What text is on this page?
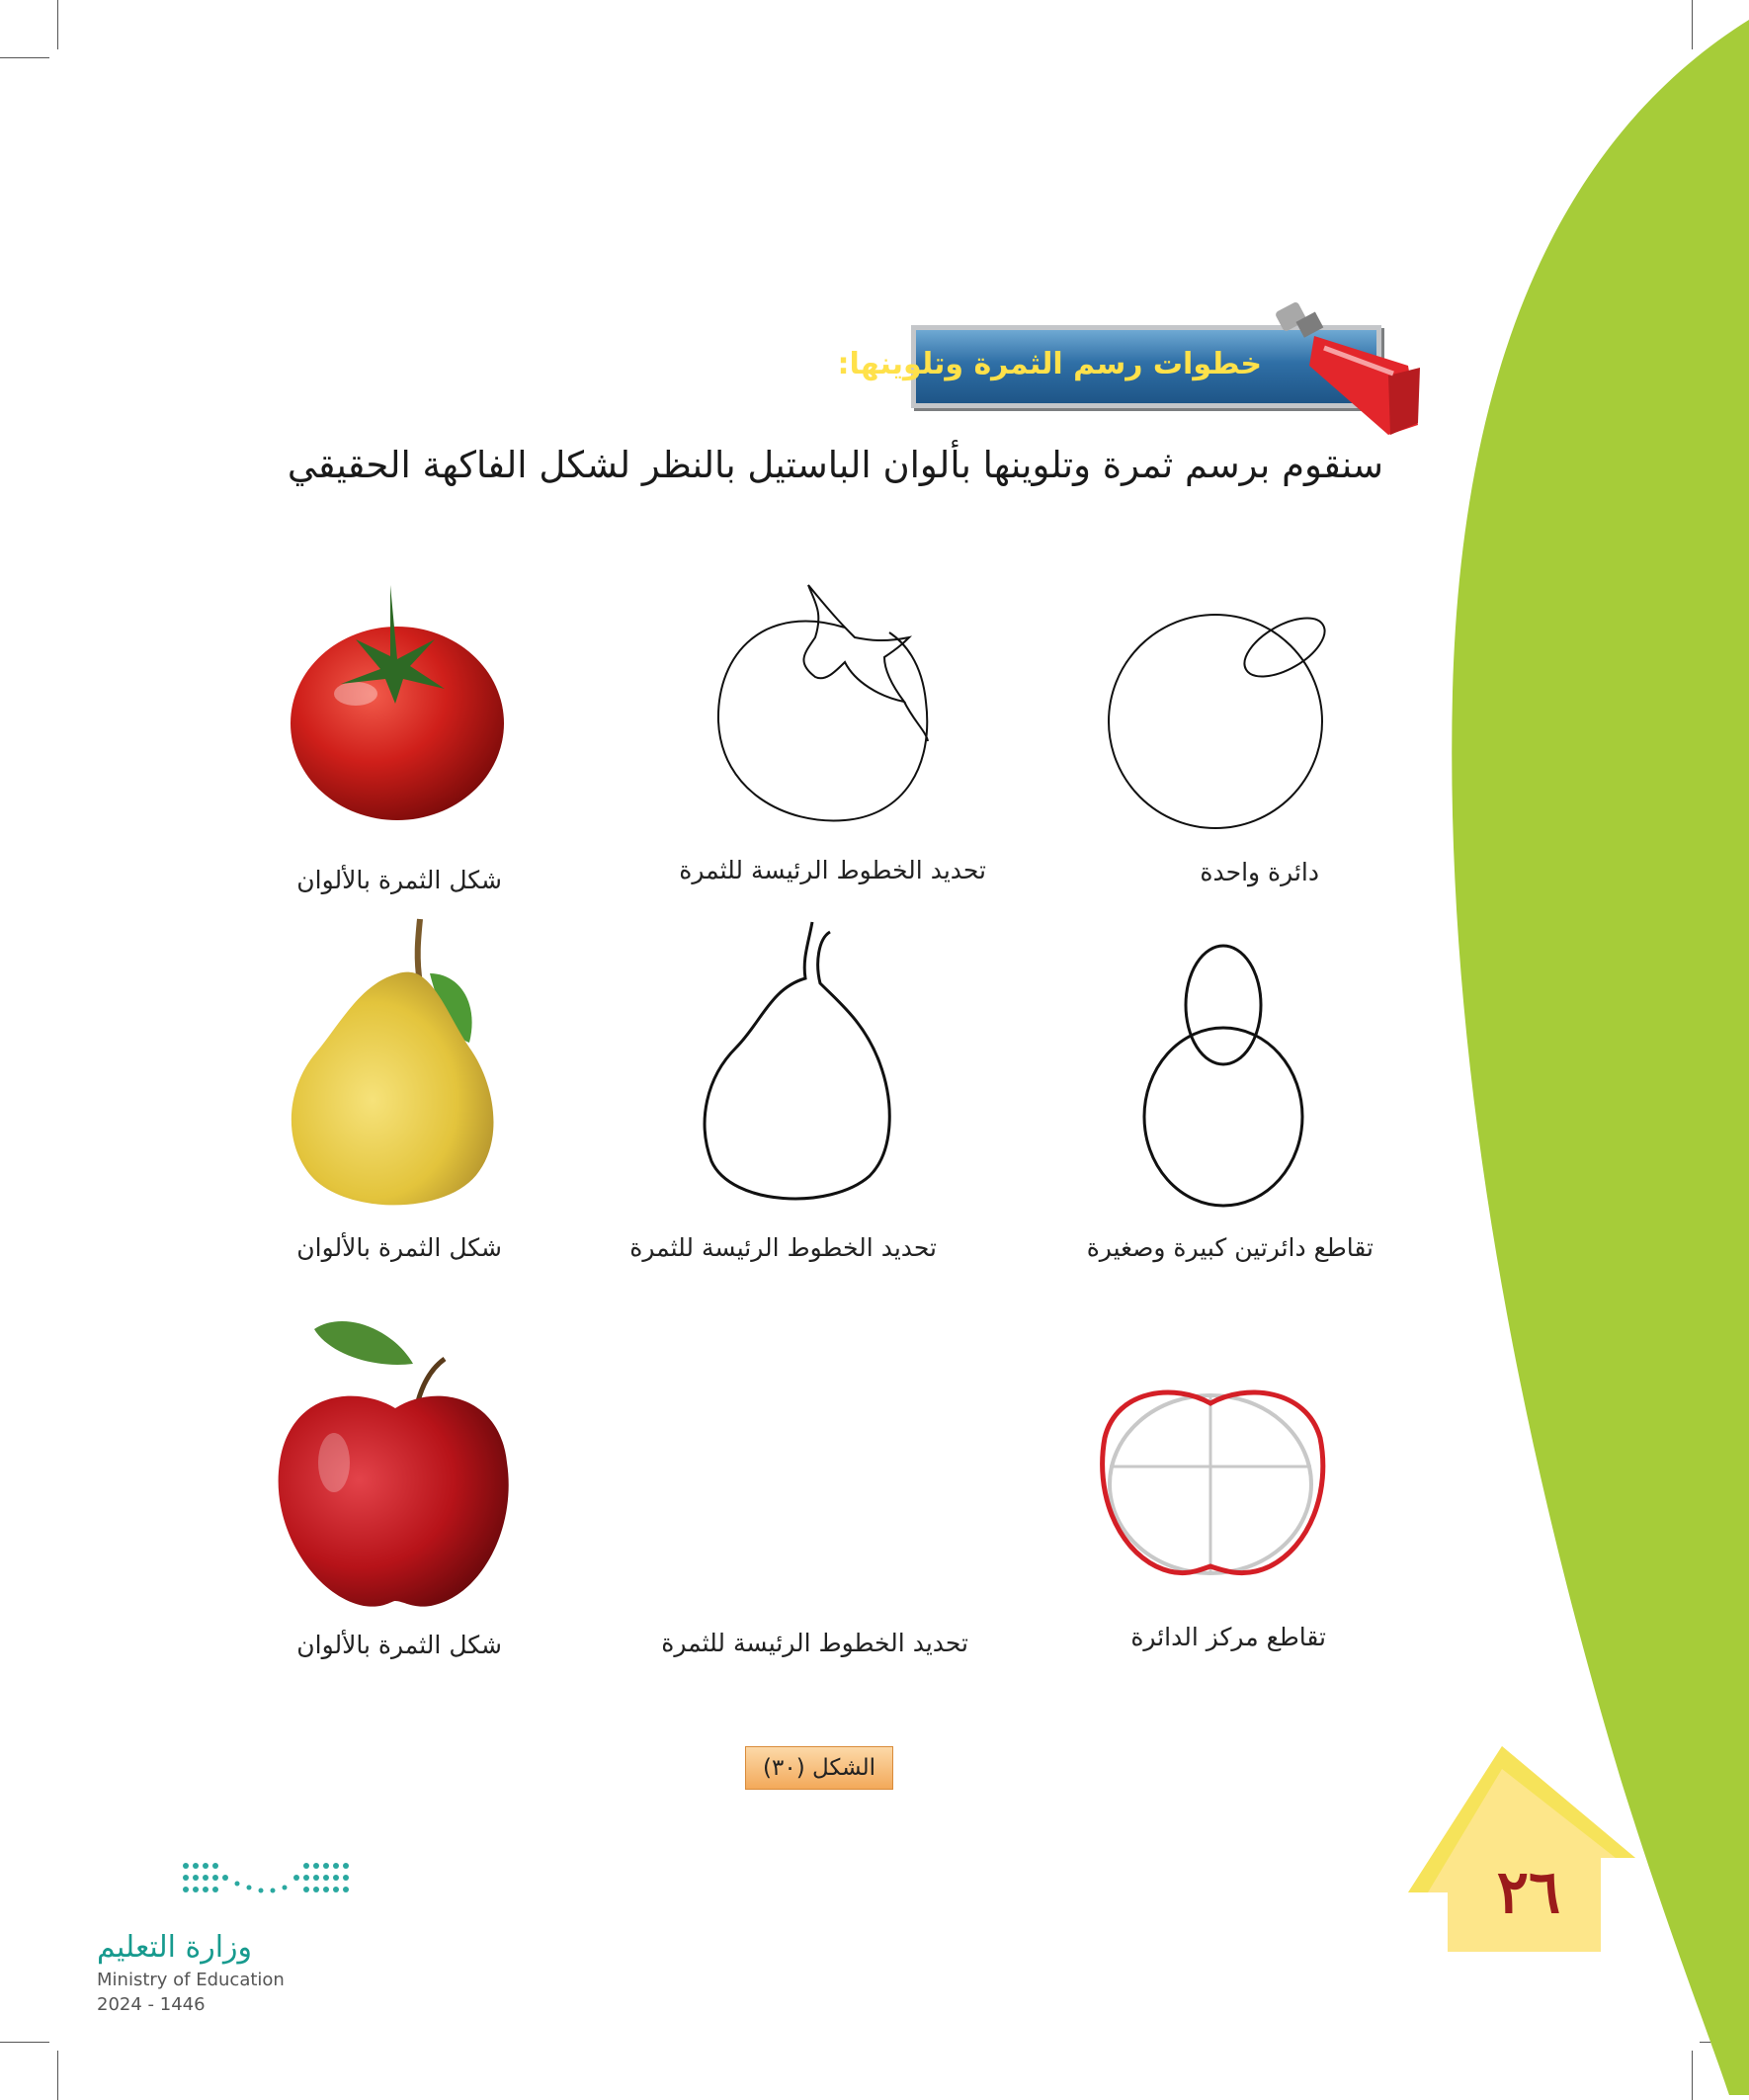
خطوات رسم الثمرة وتلوينها:
سنقوم برسم ثمرة وتلوينها بألوان الباستيل بالنظر لشكل الفاكهة الحقيقي
دائرة واحدة
تحديد الخطوط الرئيسة للثمرة
شكل الثمرة بالألوان
تقاطع دائرتين كبيرة وصغيرة
تحديد الخطوط الرئيسة للثمرة
شكل الثمرة بالألوان
تقاطع مركز الدائرة
تحديد الخطوط الرئيسة للثمرة
شكل الثمرة بالألوان
الشكل (٣٠)
٢٦
وزارة التعليم
Ministry of Education
2024 - 1446
